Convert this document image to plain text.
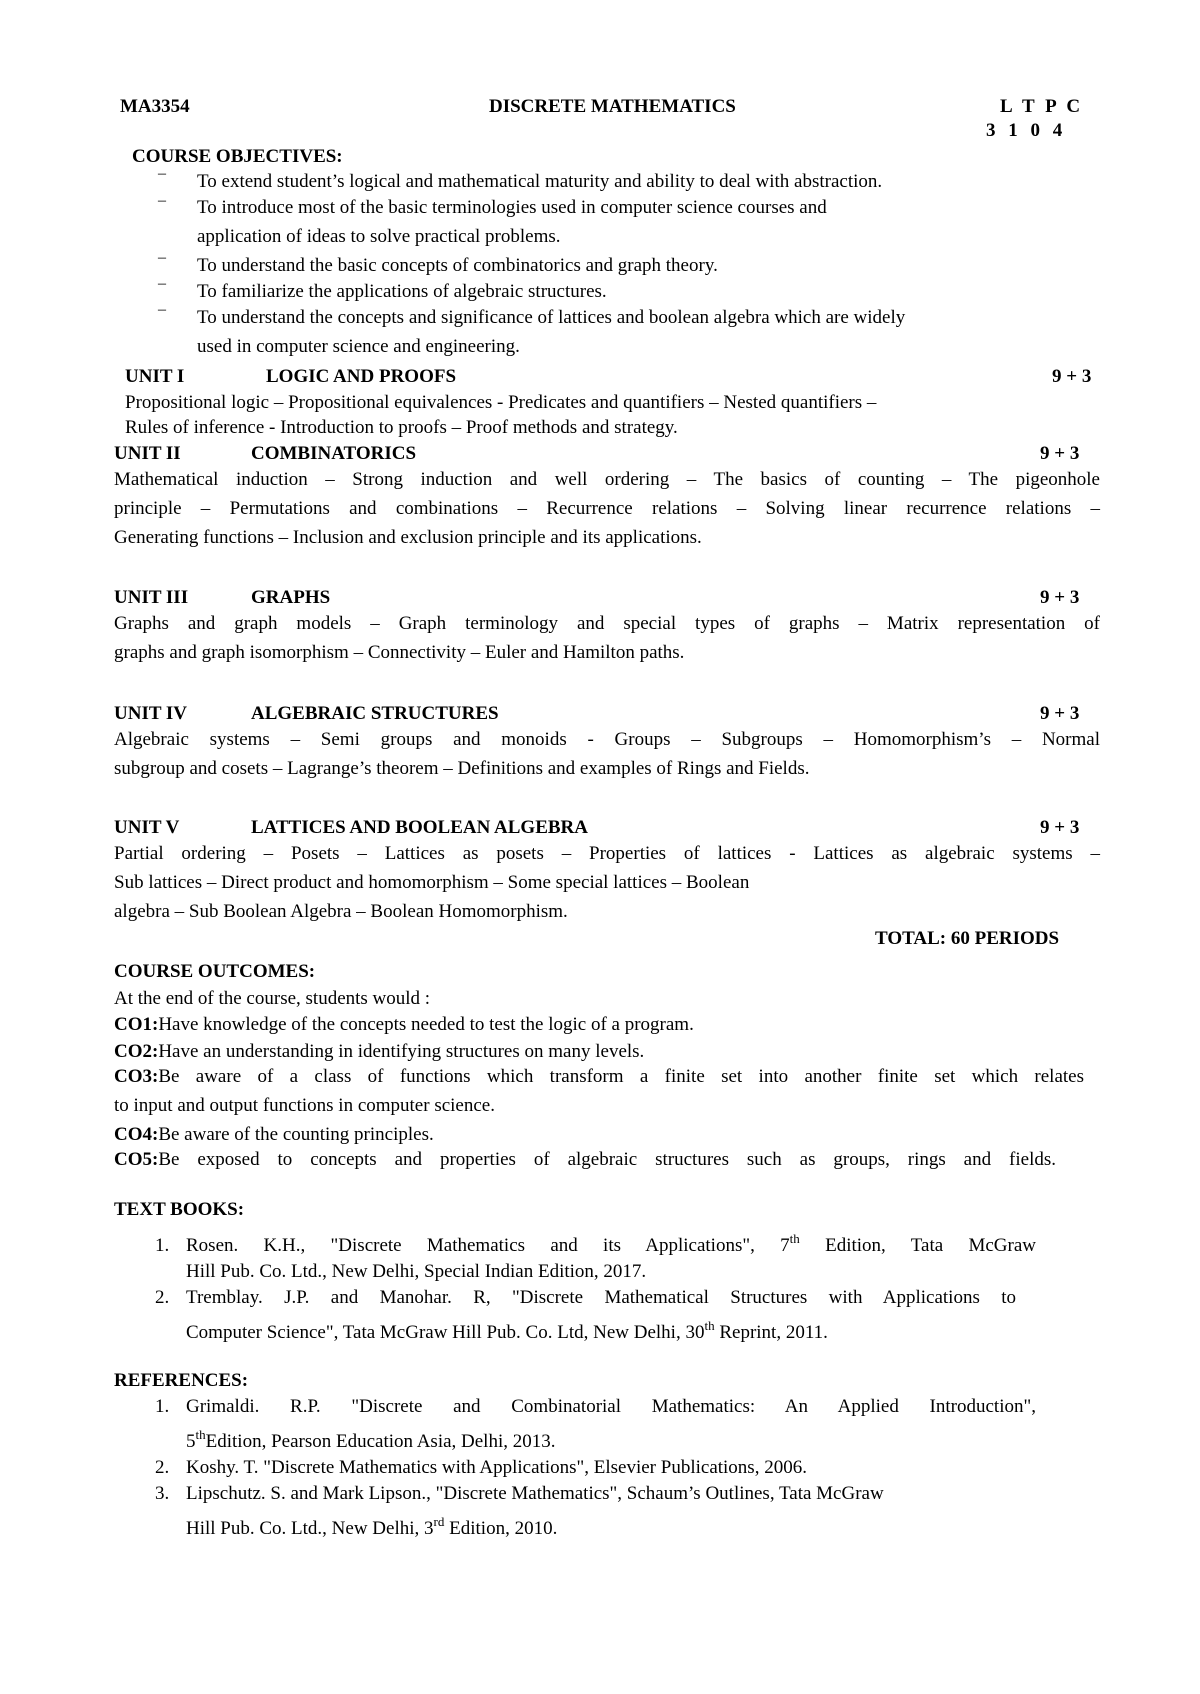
MA3354	DISCRETE MATHEMATICS	L T P C
3 1 0 4
COURSE OBJECTIVES:
– To extend student’s logical and mathematical maturity and ability to deal with abstraction.
– To introduce most of the basic terminologies used in computer science courses and
application of ideas to solve practical problems.
– To understand the basic concepts of combinatorics and graph theory.
– To familiarize the applications of algebraic structures.
– To understand the concepts and significance of lattices and boolean algebra which are widely
used in computer science and engineering.
UNIT I	LOGIC AND PROOFS	9 + 3
Propositional logic – Propositional equivalences - Predicates and quantifiers – Nested quantifiers –
Rules of inference - Introduction to proofs – Proof methods and strategy.
UNIT II	COMBINATORICS	9 + 3
Mathematical induction – Strong induction and well ordering – The basics of counting – The pigeonhole
principle – Permutations and combinations – Recurrence relations – Solving linear recurrence relations –
Generating functions – Inclusion and exclusion principle and its applications.
UNIT III	GRAPHS	9 + 3
Graphs and graph models – Graph terminology and special types of graphs – Matrix representation of
graphs and graph isomorphism – Connectivity – Euler and Hamilton paths.
UNIT IV	ALGEBRAIC STRUCTURES	9 + 3
Algebraic systems – Semi groups and monoids - Groups – Subgroups – Homomorphism’s – Normal
subgroup and cosets – Lagrange’s theorem – Definitions and examples of Rings and Fields.
UNIT V	LATTICES AND BOOLEAN ALGEBRA	9 + 3
Partial ordering – Posets – Lattices as posets – Properties of lattices - Lattices as algebraic systems –
Sub lattices – Direct product and homomorphism – Some special lattices – Boolean
algebra – Sub Boolean Algebra – Boolean Homomorphism.
TOTAL: 60 PERIODS
COURSE OUTCOMES:
At the end of the course, students would :
CO1:Have knowledge of the concepts needed to test the logic of a program.
CO2:Have an understanding in identifying structures on many levels.
CO3:Be aware of a class of functions which transform a finite set into another finite set which relates
to input and output functions in computer science.
CO4:Be aware of the counting principles.
CO5:Be exposed to concepts and properties of algebraic structures such as groups, rings and fields.
TEXT BOOKS:
1. Rosen. K.H., "Discrete Mathematics and its Applications", 7th Edition, Tata McGraw
Hill Pub. Co. Ltd., New Delhi, Special Indian Edition, 2017.
2. Tremblay. J.P. and Manohar. R, "Discrete Mathematical Structures with Applications to
Computer Science", Tata McGraw Hill Pub. Co. Ltd, New Delhi, 30th Reprint, 2011.
REFERENCES:
1. Grimaldi. R.P. "Discrete and Combinatorial Mathematics: An Applied Introduction",
5thEdition, Pearson Education Asia, Delhi, 2013.
2. Koshy. T. "Discrete Mathematics with Applications", Elsevier Publications, 2006.
3. Lipschutz. S. and Mark Lipson., "Discrete Mathematics", Schaum’s Outlines, Tata McGraw
Hill Pub. Co. Ltd., New Delhi, 3rd Edition, 2010.
